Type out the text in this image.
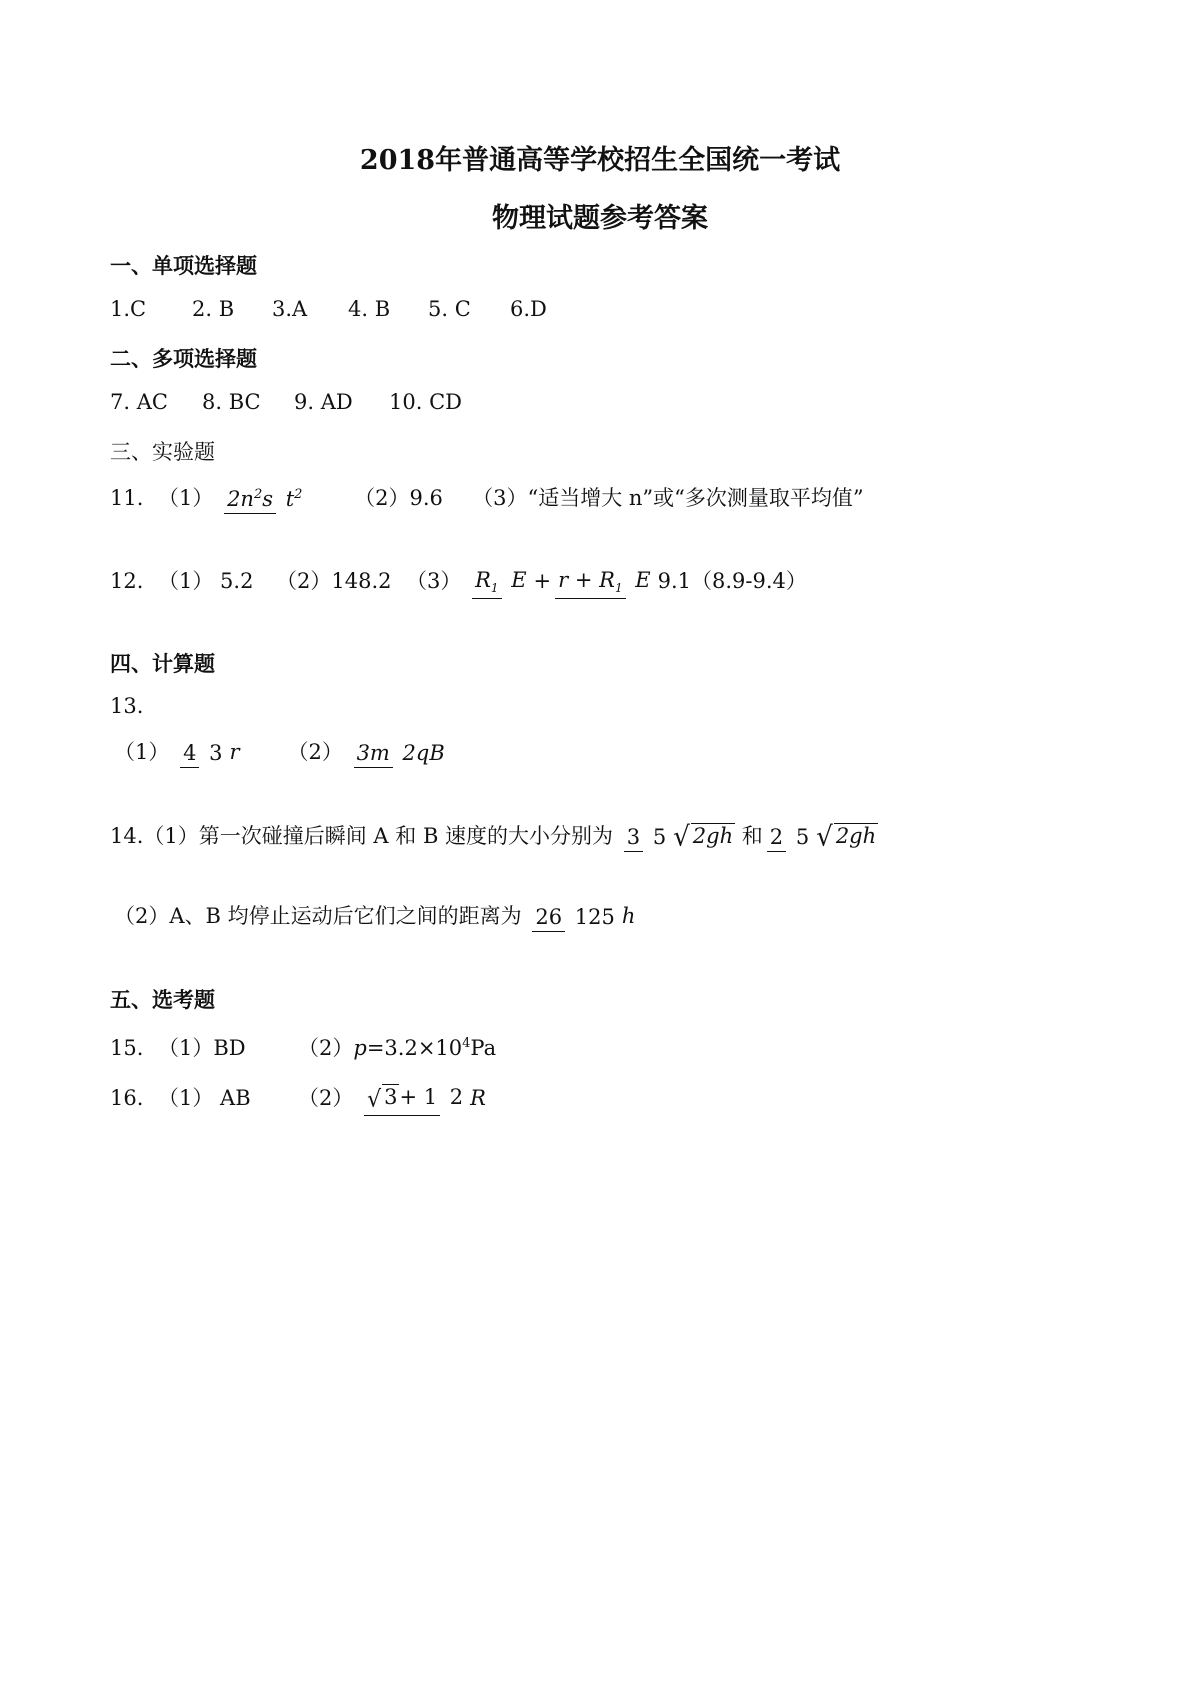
2018年普通高等学校招生全国统一考试
物理试题参考答案
一、单项选择题
1.C 2. B 3.A 4. B 5. C 6.D
二、多项选择题
7. AC 8. BC 9. AD 10. CD
三、实验题
11. （1） $2n^2s$ $t^2$ （2）9.6 （3）“适当增大 n”或“多次测量取平均值”
12. （1） 5.2 （2）148.2 （3） $R_1$ $E + r + R_1$ E 9.1（8.9-9.4）
四、计算题
13.
（1） 4 3 r （2） 3m 2qB
14.（1）第一次碰撞后瞬间 A 和 B 速度的大小分别为 3 5 √ 2gh 和 2 5 √ 2gh
（2）A、B 均停止运动后它们之间的距离为 26 125 h
五、选考题
15. （1）BD $(2)p=3.2\times 10^4Pa$
16. （1） AB （2） √ 3+ 1 2 R
